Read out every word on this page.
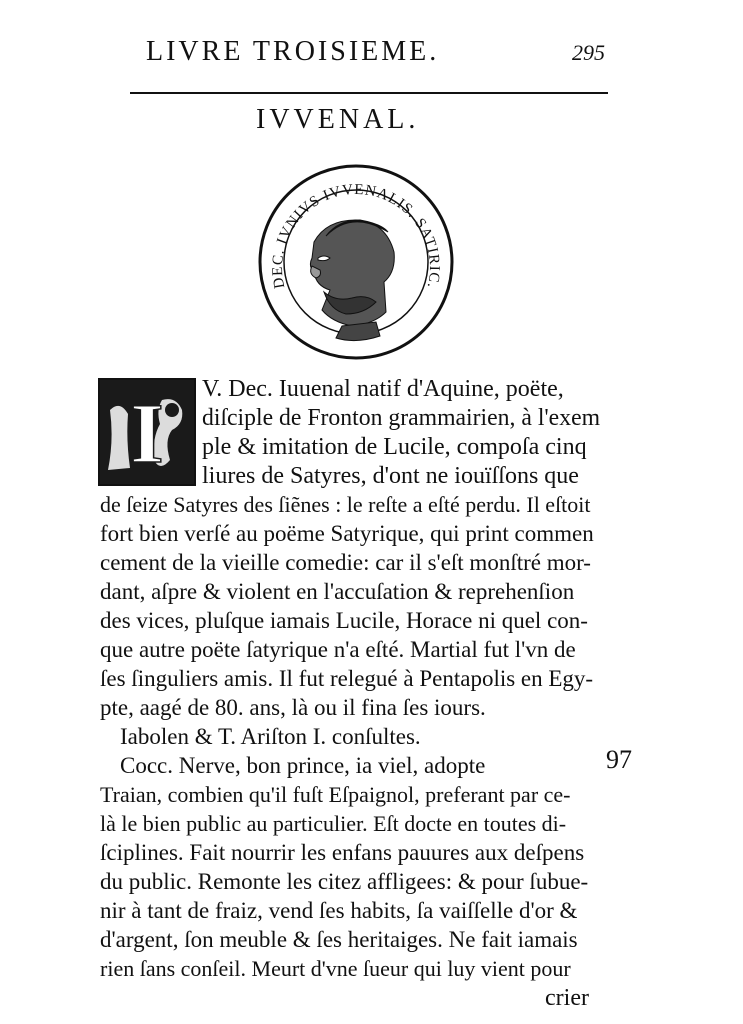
LIVRE TROISIEME.	295
IVVENAL.
DEC. IVNIVS IVVENALIS. SATIRIC.
I V. Dec. Iuuenal natif d'Aquine, poëte,
diſciple de Fronton grammairien, à l'exem
ple & imitation de Lucile, compoſa cinq
liures de Satyres, d'ont ne iouïſſons que
de ſeize Satyres des ſiẽnes : le reſte a eſté perdu. Il eſtoit
fort bien verſé au poëme Satyrique, qui print commen
cement de la vieille comedie: car il s'eſt monſtré mor-
dant, aſpre & violent en l'accuſation & reprehenſion
des vices, pluſque iamais Lucile, Horace ni quel con-
que autre poëte ſatyrique n'a eſté. Martial fut l'vn de
ſes ſinguliers amis. Il fut relegué à Pentapolis en Egy-
pte, aagé de 80. ans, là ou il fina ſes iours.
Iabolen & T. Ariſton I. conſultes.
Cocc. Nerve, bon prince, ia viel, adopte
Traian, combien qu'il fuſt Eſpaignol, preferant par ce-
là le bien public au particulier. Eſt docte en toutes di-
ſciplines. Fait nourrir les enfans pauures aux deſpens
du public. Remonte les citez affligees: & pour ſubue-
nir à tant de fraiz, vend ſes habits, ſa vaiſſelle d'or &
d'argent, ſon meuble & ſes heritaiges. Ne fait iamais
rien ſans conſeil. Meurt d'vne ſueur qui luy vient pour
97
crier
